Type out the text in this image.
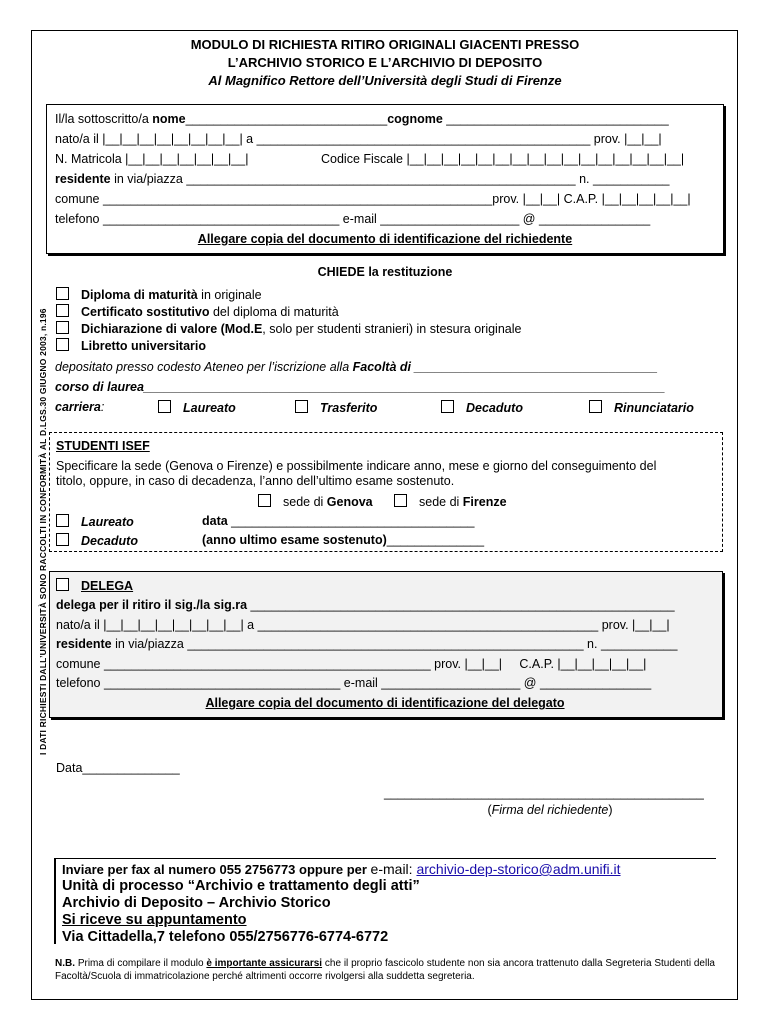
MODULO DI RICHIESTA RITIRO ORIGINALI GIACENTI PRESSO
L’ARCHIVIO STORICO E L’ARCHIVIO DI DEPOSITO
Al Magnifico Rettore dell’Università degli Studi di Firenze
I DATI RICHIESTI DALL’UNIVERSITÀ SONO RACCOLTI IN CONFORMITÀ AL D.LGS.30 GIUGNO 2003, n.196
Il/la sottoscritto/a nome_____________________________cognome ________________________________
nato/a il |__|__|__|__|__|__|__|__| a ________________________________________________ prov. |__|__|
N. Matricola |__|__|__|__|__|__|__|	Codice Fiscale |__|__|__|__|__|__|__|__|__|__|__|__|__|__|__|__|
residente in via/piazza ________________________________________________________ n. ___________
comune ________________________________________________________prov. |__|__| C.A.P. |__|__|__|__|__|
telefono __________________________________ e-mail ____________________ @ ________________
Allegare copia del documento di identificazione del richiedente
CHIEDE la restituzione
Diploma di maturità in originale
Certificato sostitutivo del diploma di maturità
Dichiarazione di valore (Mod.E, solo per studenti stranieri) in stesura originale
Libretto universitario
depositato presso codesto Ateneo per l’iscrizione alla Facoltà di ___________________________________
corso di laurea___________________________________________________________________________
carriera:	Laureato	Trasferito	Decaduto	Rinunciatario
STUDENTI ISEF
Specificare la sede (Genova o Firenze) e possibilmente indicare anno, mese e giorno del conseguimento del
titolo, oppure, in caso di decadenza, l’anno dell’ultimo esame sostenuto.
sede di Genova	sede di Firenze
Laureato	data ___________________________________
Decaduto	(anno ultimo esame sostenuto)______________
DELEGA
delega per il ritiro il sig./la sig.ra _____________________________________________________________
nato/a il |__|__|__|__|__|__|__|__| a _________________________________________________ prov. |__|__|
residente in via/piazza _________________________________________________________ n. ___________
comune _______________________________________________ prov. |__|__|     C.A.P. |__|__|__|__|__|
telefono __________________________________ e-mail ____________________ @ ________________
Allegare copia del documento di identificazione del delegato
Data______________
______________________________________________
(Firma del richiedente)
Inviare per fax al numero 055 2756773 oppure per e-mail: archivio-dep-storico@adm.unifi.it
Unità di processo “Archivio e trattamento degli atti”
Archivio di Deposito – Archivio Storico
Si riceve su appuntamento
Via Cittadella,7 telefono 055/2756776-6774-6772
N.B. Prima di compilare il modulo è importante assicurarsi che il proprio fascicolo studente non sia ancora trattenuto dalla Segreteria Studenti della Facoltà/Scuola di immatricolazione perché altrimenti occorre rivolgersi alla suddetta segreteria.
